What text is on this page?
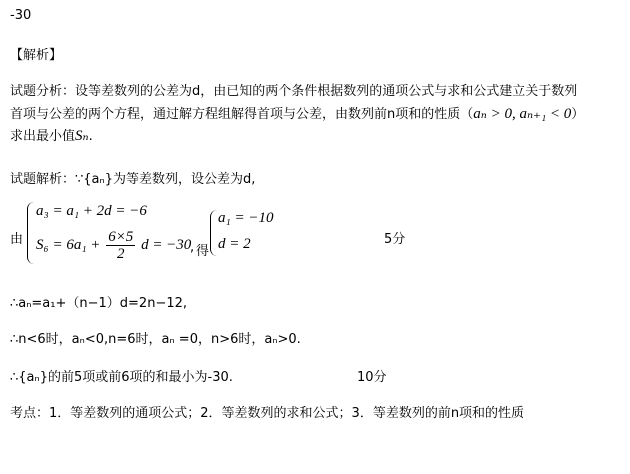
-30
【解析】
试题分析：设等差数列的公差为d，由已知的两个条件根据数列的通项公式与求和公式建立关于数列
首项与公差的两个方程，通过解方程组解得首项与公差，由数列前n项和的性质（aₙ > 0, aₙ₊₁ < 0）
求出最小值Sₙ.
试题解析：∵{aₙ}为等差数列，设公差为d,
由
a₃ = a₁ + 2d = −6
$S_6 = 6a_1 + \frac{6\times 5}{2}$ d = −30
, 得
a₁ = −10
d = 2	5分
∴aₙ=a₁+（n−1）d=2n−12,
∴n<6时，aₙ<0,n=6时，aₙ =0，n>6时，aₙ>0.
∴{aₙ}的前5项或前6项的和最小为-30.	10分
考点：1．等差数列的通项公式；2．等差数列的求和公式；3．等差数列的前n项和的性质
